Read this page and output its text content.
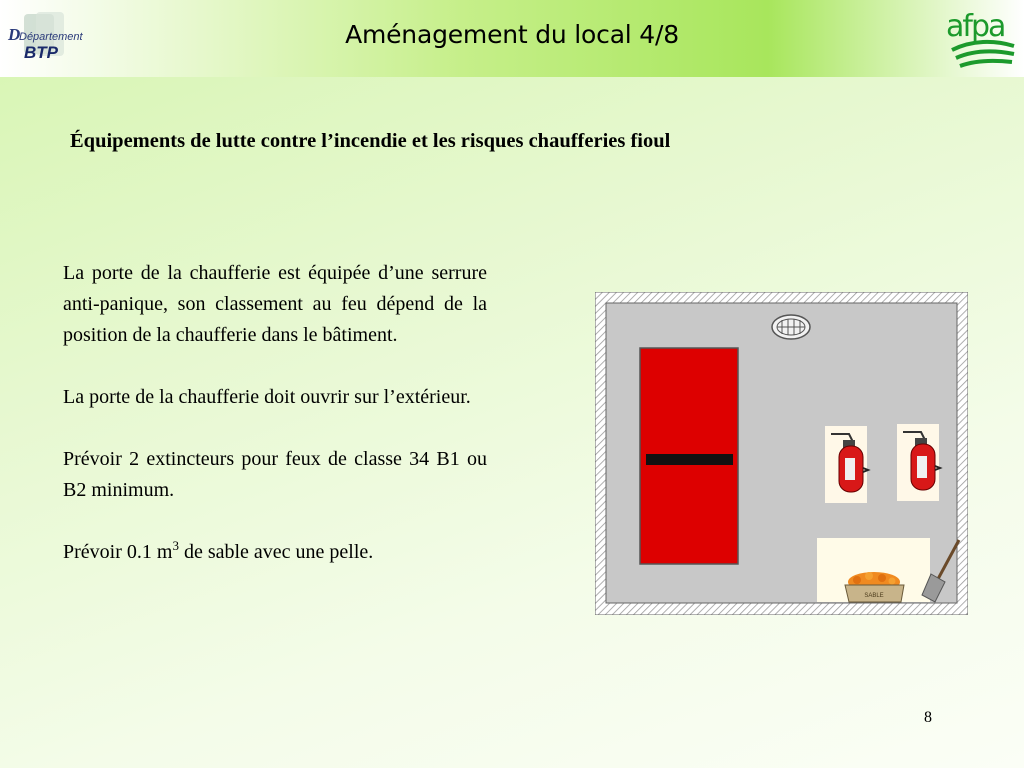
D
Département
BTP
Aménagement du local 4/8	afpa
Équipements de lutte contre l’incendie et les risques chaufferies fioul

La porte de la chaufferie est équipée d’une serrure anti-panique, son classement au feu dépend de la position de la chaufferie dans le bâtiment.

La porte de la chaufferie doit ouvrir sur l’extérieur.

Prévoir 2 extincteurs pour feux de classe 34 B1 ou B2 minimum.

Prévoir 0.1 $m^3$ de sable avec une pelle.

SABLE
8
